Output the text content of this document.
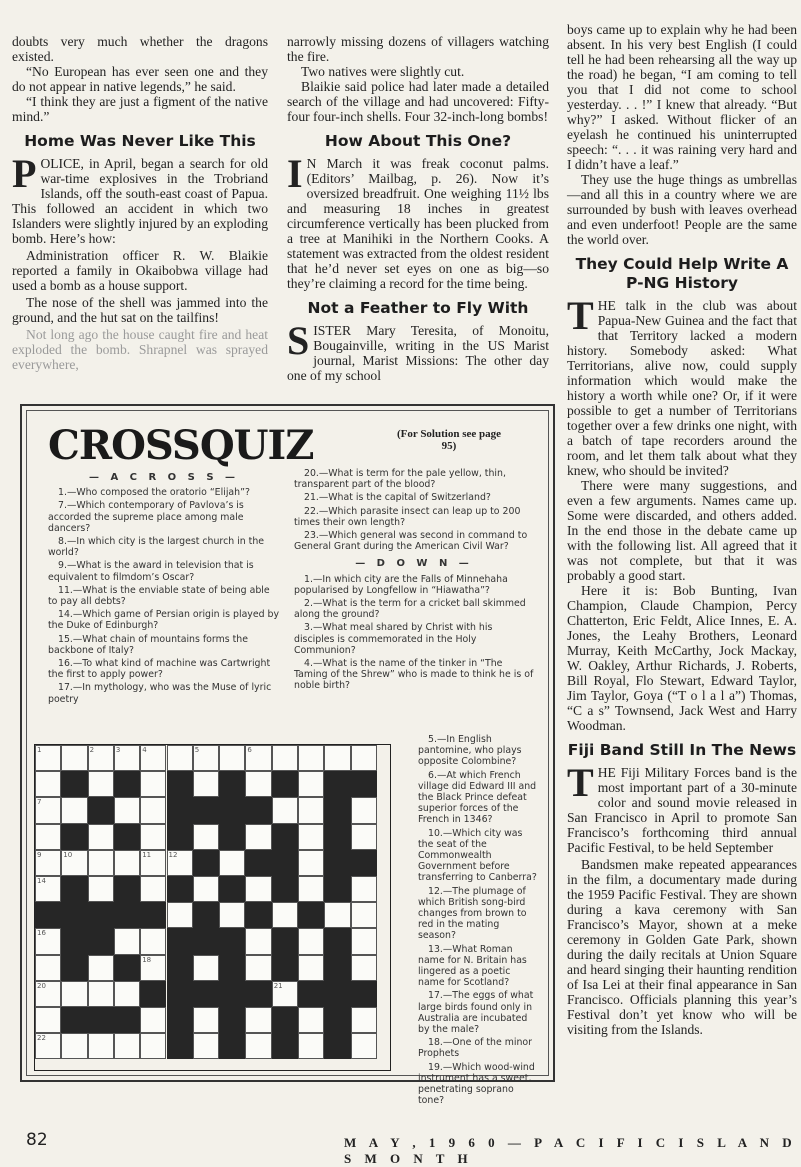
doubts very much whether the dragons existed.

“No European has ever seen one and they do not appear in native legends,” he said.

“I think they are just a figment of the native mind.”

Home Was Never Like This

POLICE, in April, began a search for old war-time explosives in the Trobriand Islands, off the south-east coast of Papua. This followed an accident in which two Islanders were slightly injured by an exploding bomb. Here’s how:

Administration officer R. W. Blaikie reported a family in Okaibobwa village had used a bomb as a house support.

The nose of the shell was jammed into the ground, and the hut sat on the tailfins!

Not long ago the house caught fire and heat exploded the bomb. Shrapnel was sprayed everywhere,

narrowly missing dozens of villagers watching the fire.

Two natives were slightly cut.

Blaikie said police had later made a detailed search of the village and had uncovered: Fifty-four four-inch shells. Four 32-inch-long bombs!

How About This One?

I N March it was freak coconut palms. (Editors’ Mailbag, p. 26). Now it’s oversized breadfruit. One weighing 11½ lbs and measuring 18 inches in greatest circumference vertically has been plucked from a tree at Manihiki in the Northern Cooks. A statement was extracted from the oldest resident that he’d never set eyes on one as big—so they’re claiming a record for the time being.

Not a Feather to Fly With

SISTER Mary Teresita, of Monoitu, Bougainville, writing in the US Marist journal, Marist Missions: The other day one of my school

boys came up to explain why he had been absent. In his very best English (I could tell he had been rehearsing all the way up the road) he began, “I am coming to tell you that I did not come to school yesterday. . . !” I knew that already. “But why?” I asked. Without flicker of an eyelash he continued his uninterrupted speech: “. . . it was raining very hard and I didn’t have a leaf.”

They use the huge things as umbrellas—and all this in a country where we are surrounded by bush with leaves overhead and even underfoot! People are the same the world over.

They Could Help Write A P-NG History

THE talk in the club was about Papua-New Guinea and the fact that that Territory lacked a modern history. Somebody asked: What Territorians, alive now, could supply information which would make the history a worth while one? Or, if it were possible to get a number of Territorians together over a few drinks one night, with a batch of tape recorders around the room, and let them talk about what they knew, who should be invited?

There were many suggestions, and even a few arguments. Names came up. Some were discarded, and others added. In the end those in the debate came up with the following list. All agreed that it was not complete, but that it was probably a good start.

Here it is: Bob Bunting, Ivan Champion, Claude Champion, Percy Chatterton, Eric Feldt, Alice Innes, E. A. Jones, the Leahy Brothers, Leonard Murray, Keith McCarthy, Jock Mackay, W. Oakley, Arthur Richards, J. Roberts, Bill Royal, Flo Stewart, Edward Taylor, Jim Taylor, Goya (“T o l a l a”) Thomas, “C a s” Townsend, Jack West and Harry Woodman.

Fiji Band Still In The News

THE Fiji Military Forces band is the most important part of a 30-minute color and sound movie released in San Francisco in April to promote San Francisco’s forthcoming third annual Pacific Festival, to be held September

Bandsmen make repeated appearances in the film, a documentary made during the 1959 Pacific Festival. They are shown during a kava ceremony with San Francisco’s Mayor, shown at a meke ceremony in Golden Gate Park, shown during the daily recitals at Union Square and heard singing their haunting rendition of Isa Lei at their final appearance in San Francisco. Officials planning this year’s Festival don’t yet know who will be visiting from the Islands.

CROSSQUIZ	(For Solution see page 95)
— A C R O S S —

1.—Who composed the oratorio “Elijah”?

7.—Which contemporary of Pavlova’s is accorded the supreme place among male dancers?

8.—In which city is the largest church in the world?

9.—What is the award in television that is equivalent to filmdom’s Oscar?

11.—What is the enviable state of being able to pay all debts?

14.—Which game of Persian origin is played by the Duke of Edinburgh?

15.—What chain of mountains forms the backbone of Italy?

16.—To what kind of machine was Cartwright the first to apply power?

17.—In mythology, who was the Muse of lyric poetry

20.—What is term for the pale yellow, thin, transparent part of the blood?

21.—What is the capital of Switzerland?

22.—Which parasite insect can leap up to 200 times their own length?

23.—Which general was second in command to General Grant during the American Civil War?

— D O W N —

1.—In which city are the Falls of Minnehaha popularised by Longfellow in “Hiawatha”?

2.—What is the term for a cricket ball skimmed along the ground?

3.—What meal shared by Christ with his disciples is commemorated in the Holy Communion?

4.—What is the name of the tinker in “The Taming of the Shrew” who is made to think he is of noble birth?

5.—In English pantomine, who plays opposite Colombine?

6.—At which French village did Edward III and the Black Prince defeat superior forces of the French in 1346?

10.—Which city was the seat of the Commonwealth Government before transferring to Canberra?

12.—The plumage of which British song-bird changes from brown to red in the mating season?

13.—What Roman name for N. Britain has lingered as a poetic name for Scotland?

17.—The eggs of what large birds found only in Australia are incubated by the male?

18.—One of the minor Prophets

19.—Which wood-wind instrument has a sweet, penetrating soprano tone?

1	2	3	4	5	6
7
9	10	11 12
14
16
18
20	21
22
82	M A Y , 1 9 6 0 — P A C I F I C I S L A N D S M O N T H
